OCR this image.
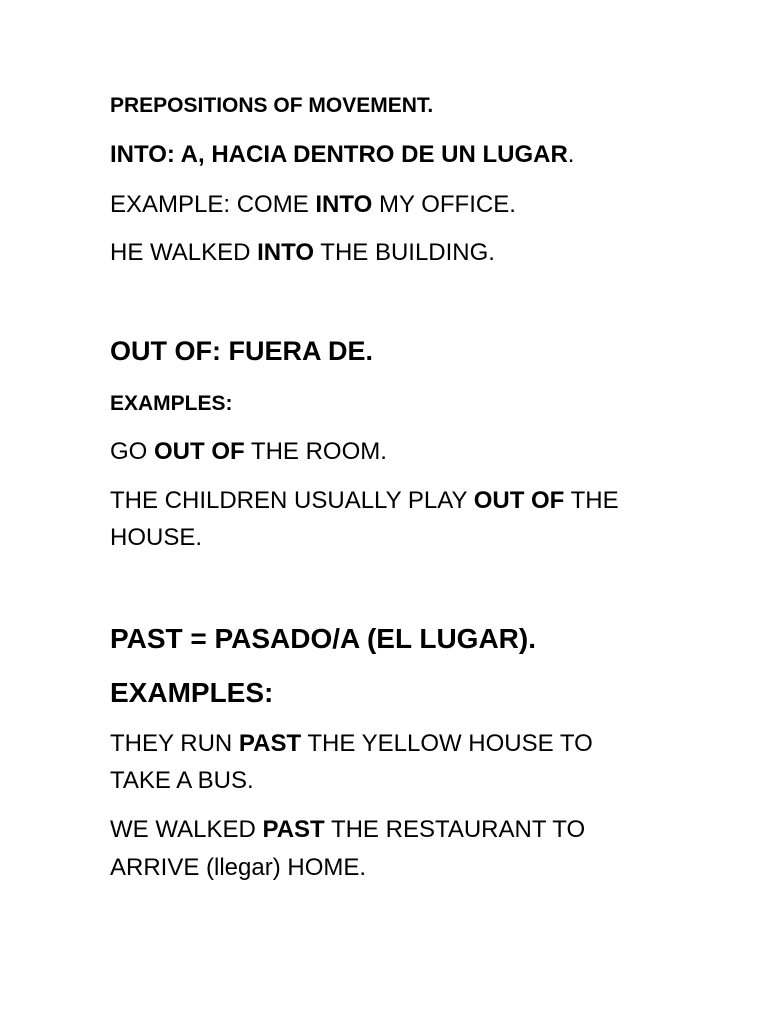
PREPOSITIONS OF MOVEMENT.
INTO: A, HACIA DENTRO DE UN LUGAR.
EXAMPLE: COME INTO MY OFFICE.
HE WALKED INTO THE BUILDING.
OUT OF: FUERA DE.
EXAMPLES:
GO OUT OF THE ROOM.
THE CHILDREN USUALLY PLAY OUT OF THE
HOUSE.
PAST = PASADO/A (EL LUGAR).
EXAMPLES:
THEY RUN PAST THE YELLOW HOUSE TO
TAKE A BUS.
WE WALKED PAST THE RESTAURANT TO
ARRIVE (llegar) HOME.
